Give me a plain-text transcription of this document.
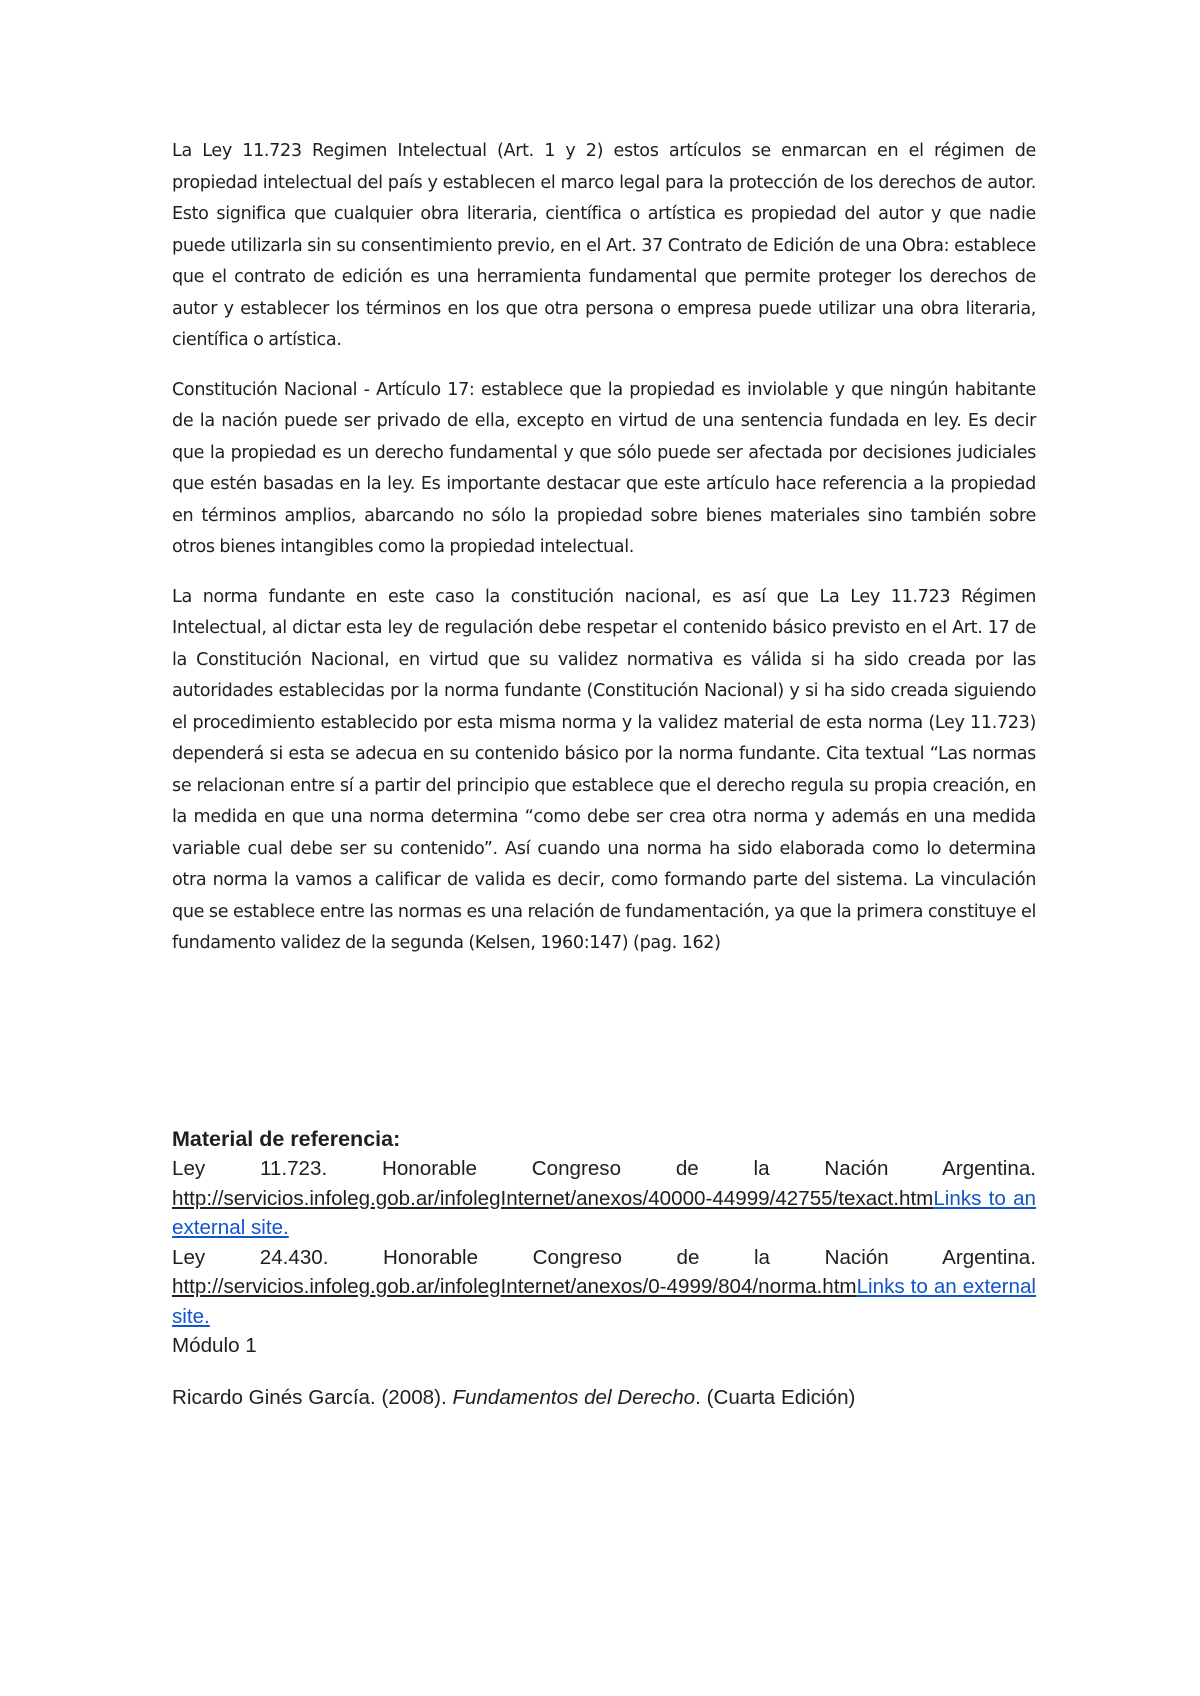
La Ley 11.723 Regimen Intelectual (Art. 1 y 2) estos artículos se enmarcan en el régimen de propiedad intelectual del país y establecen el marco legal para la protección de los derechos de autor. Esto significa que cualquier obra literaria, científica o artística es propiedad del autor y que nadie puede utilizarla sin su consentimiento previo, en el Art. 37 Contrato de Edición de una Obra: establece que el contrato de edición es una herramienta fundamental que permite proteger los derechos de autor y establecer los términos en los que otra persona o empresa puede utilizar una obra literaria, científica o artística.

Constitución Nacional - Artículo 17: establece que la propiedad es inviolable y que ningún habitante de la nación puede ser privado de ella, excepto en virtud de una sentencia fundada en ley. Es decir que la propiedad es un derecho fundamental y que sólo puede ser afectada por decisiones judiciales que estén basadas en la ley. Es importante destacar que este artículo hace referencia a la propiedad en términos amplios, abarcando no sólo la propiedad sobre bienes materiales sino también sobre otros bienes intangibles como la propiedad intelectual.

La norma fundante en este caso la constitución nacional, es así que La Ley 11.723 Régimen Intelectual, al dictar esta ley de regulación debe respetar el contenido básico previsto en el Art. 17 de la Constitución Nacional, en virtud que su validez normativa es válida si ha sido creada por las autoridades establecidas por la norma fundante (Constitución Nacional) y si ha sido creada siguiendo el procedimiento establecido por esta misma norma y la validez material de esta norma (Ley 11.723) dependerá si esta se adecua en su contenido básico por la norma fundante. Cita textual “Las normas se relacionan entre sí a partir del principio que establece que el derecho regula su propia creación, en la medida en que una norma determina “como debe ser crea otra norma y además en una medida variable cual debe ser su contenido”. Así cuando una norma ha sido elaborada como lo determina otra norma la vamos a calificar de valida es decir, como formando parte del sistema. La vinculación que se establece entre las normas es una relación de fundamentación, ya que la primera constituye el fundamento validez de la segunda (Kelsen, 1960:147) (pag. 162)

Material de referencia:

Ley 11.723. Honorable Congreso de la Nación Argentina. http://servicios.infoleg.gob.ar/infolegInternet/anexos/40000-44999/42755/texact.htmLinks to an external site.

Ley 24.430. Honorable Congreso de la Nación Argentina. http://servicios.infoleg.gob.ar/infolegInternet/anexos/0-4999/804/norma.htmLinks to an external site.

Módulo 1

Ricardo Ginés García. (2008). Fundamentos del Derecho. (Cuarta Edición)
